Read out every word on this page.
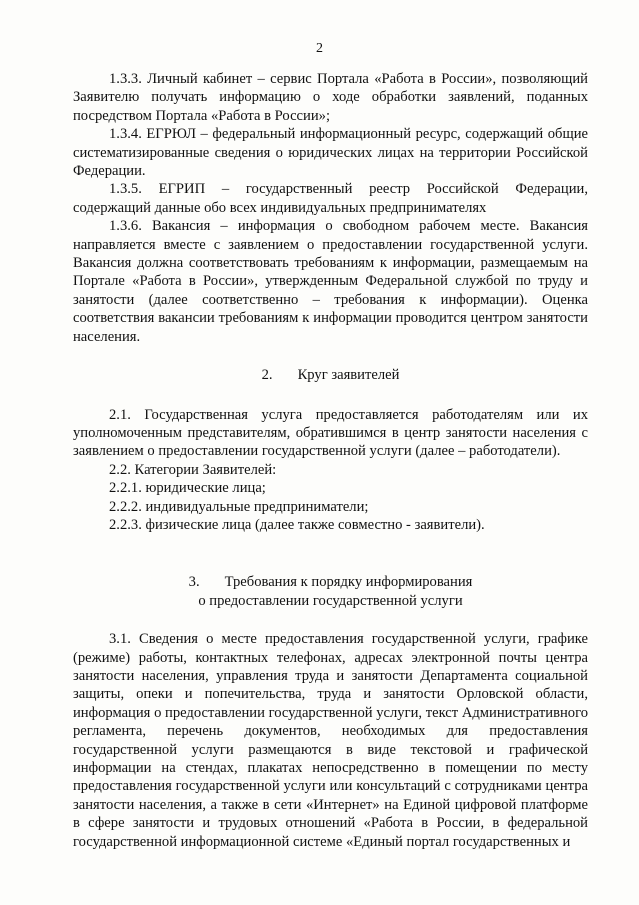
2

1.3.3. Личный кабинет – сервис Портала «Работа в России», позволяющий Заявителю получать информацию о ходе обработки заявлений, поданных посредством Портала «Работа в России»;

1.3.4. ЕГРЮЛ – федеральный информационный ресурс, содержащий общие систематизированные сведения о юридических лицах на территории Российской Федерации.

1.3.5. ЕГРИП – государственный реестр Российской Федерации, содержащий данные обо всех индивидуальных предпринимателях

1.3.6. Вакансия – информация о свободном рабочем месте. Вакансия направляется вместе с заявлением о предоставлении государственной услуги. Вакансия должна соответствовать требованиям к информации, размещаемым на Портале «Работа в России», утвержденным Федеральной службой по труду и занятости (далее соответственно – требования к информации). Оценка соответствия вакансии требованиям к информации проводится центром занятости населения.

2. Круг заявителей

2.1. Государственная услуга предоставляется работодателям или их уполномоченным представителям, обратившимся в центр занятости населения с заявлением о предоставлении государственной услуги (далее – работодатели).

2.2. Категории Заявителей:

2.2.1. юридические лица;

2.2.2. индивидуальные предприниматели;

2.2.3. физические лица (далее также совместно - заявители).

3. Требования к порядку информирования

о предоставлении государственной услуги

3.1. Сведения о месте предоставления государственной услуги, графике (режиме) работы, контактных телефонах, адресах электронной почты центра занятости населения, управления труда и занятости Департамента социальной защиты, опеки и попечительства, труда и занятости Орловской области, информация о предоставлении государственной услуги, текст Административного регламента, перечень документов, необходимых для предоставления государственной услуги размещаются в виде текстовой и графической информации на стендах, плакатах непосредственно в помещении по месту предоставления государственной услуги или консультаций с сотрудниками центра занятости населения, а также в сети «Интернет» на Единой цифровой платформе в сфере занятости и трудовых отношений «Работа в России, в федеральной государственной информационной системе «Единый портал государственных и
